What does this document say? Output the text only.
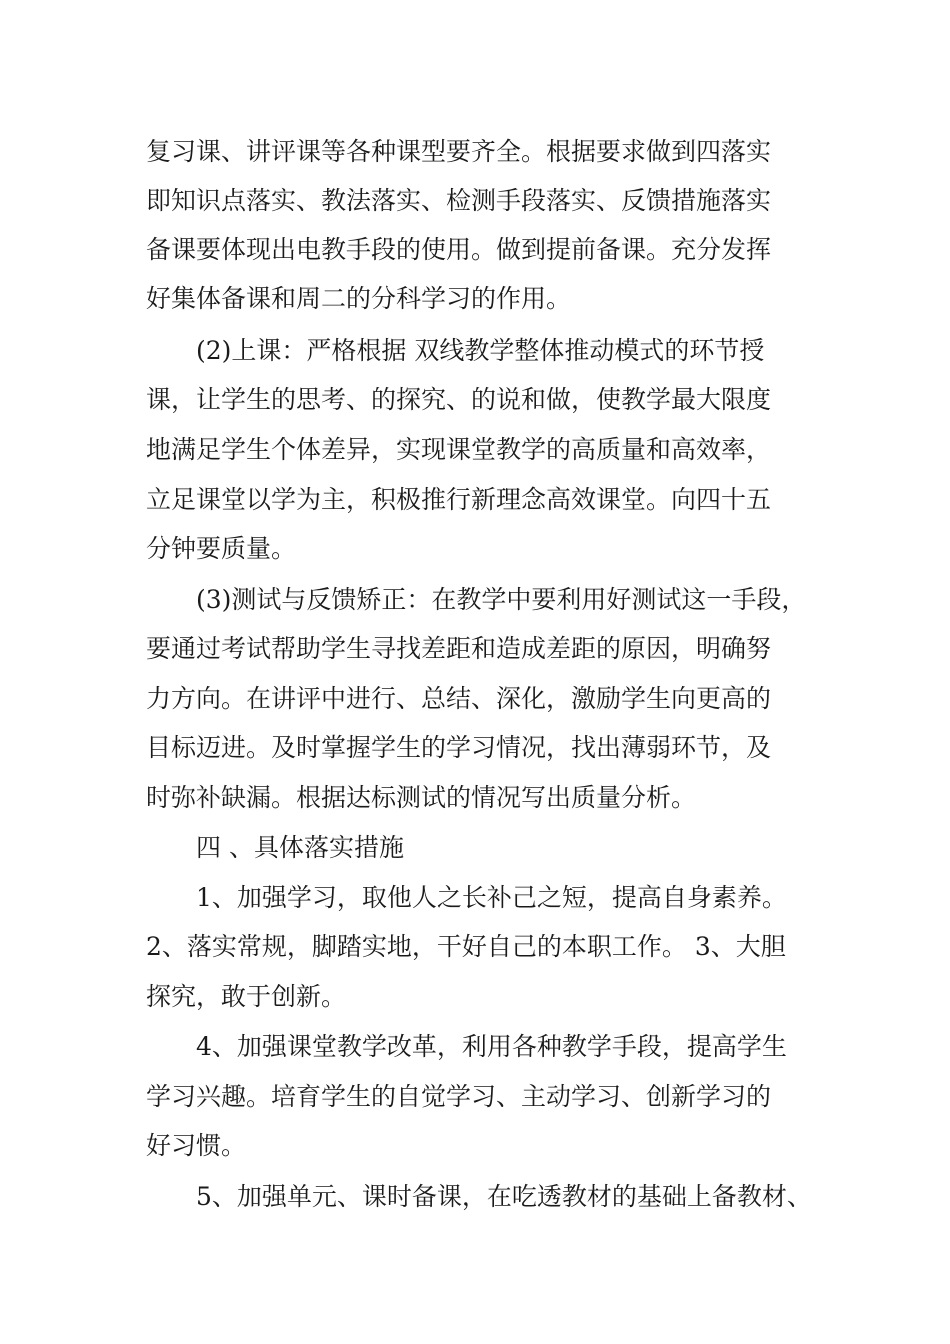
复习课、讲评课等各种课型要齐全。根据要求做到四落实
即知识点落实、教法落实、检测手段落实、反馈措施落实
备课要体现出电教手段的使用。做到提前备课。充分发挥
好集体备课和周二的分科学习的作用。
(2)上课：严格根据 双线教学整体推动模式的环节授
课，让学生的思考、的探究、的说和做，使教学最大限度
地满足学生个体差异，实现课堂教学的高质量和高效率，
立足课堂以学为主，积极推行新理念高效课堂。向四十五
分钟要质量。
(3)测试与反馈矫正：在教学中要利用好测试这一手段，
要通过考试帮助学生寻找差距和造成差距的原因，明确努
力方向。在讲评中进行、总结、深化，激励学生向更高的
目标迈进。及时掌握学生的学习情况，找出薄弱环节，及
时弥补缺漏。根据达标测试的情况写出质量分析。
四 、具体落实措施
1、加强学习，取他人之长补己之短，提高自身素养。
2、落实常规，脚踏实地，干好自己的本职工作。 3、大胆
探究，敢于创新。
4、加强课堂教学改革，利用各种教学手段，提高学生
学习兴趣。培育学生的自觉学习、主动学习、创新学习的
好习惯。
5、加强单元、课时备课，在吃透教材的基础上备教材、
